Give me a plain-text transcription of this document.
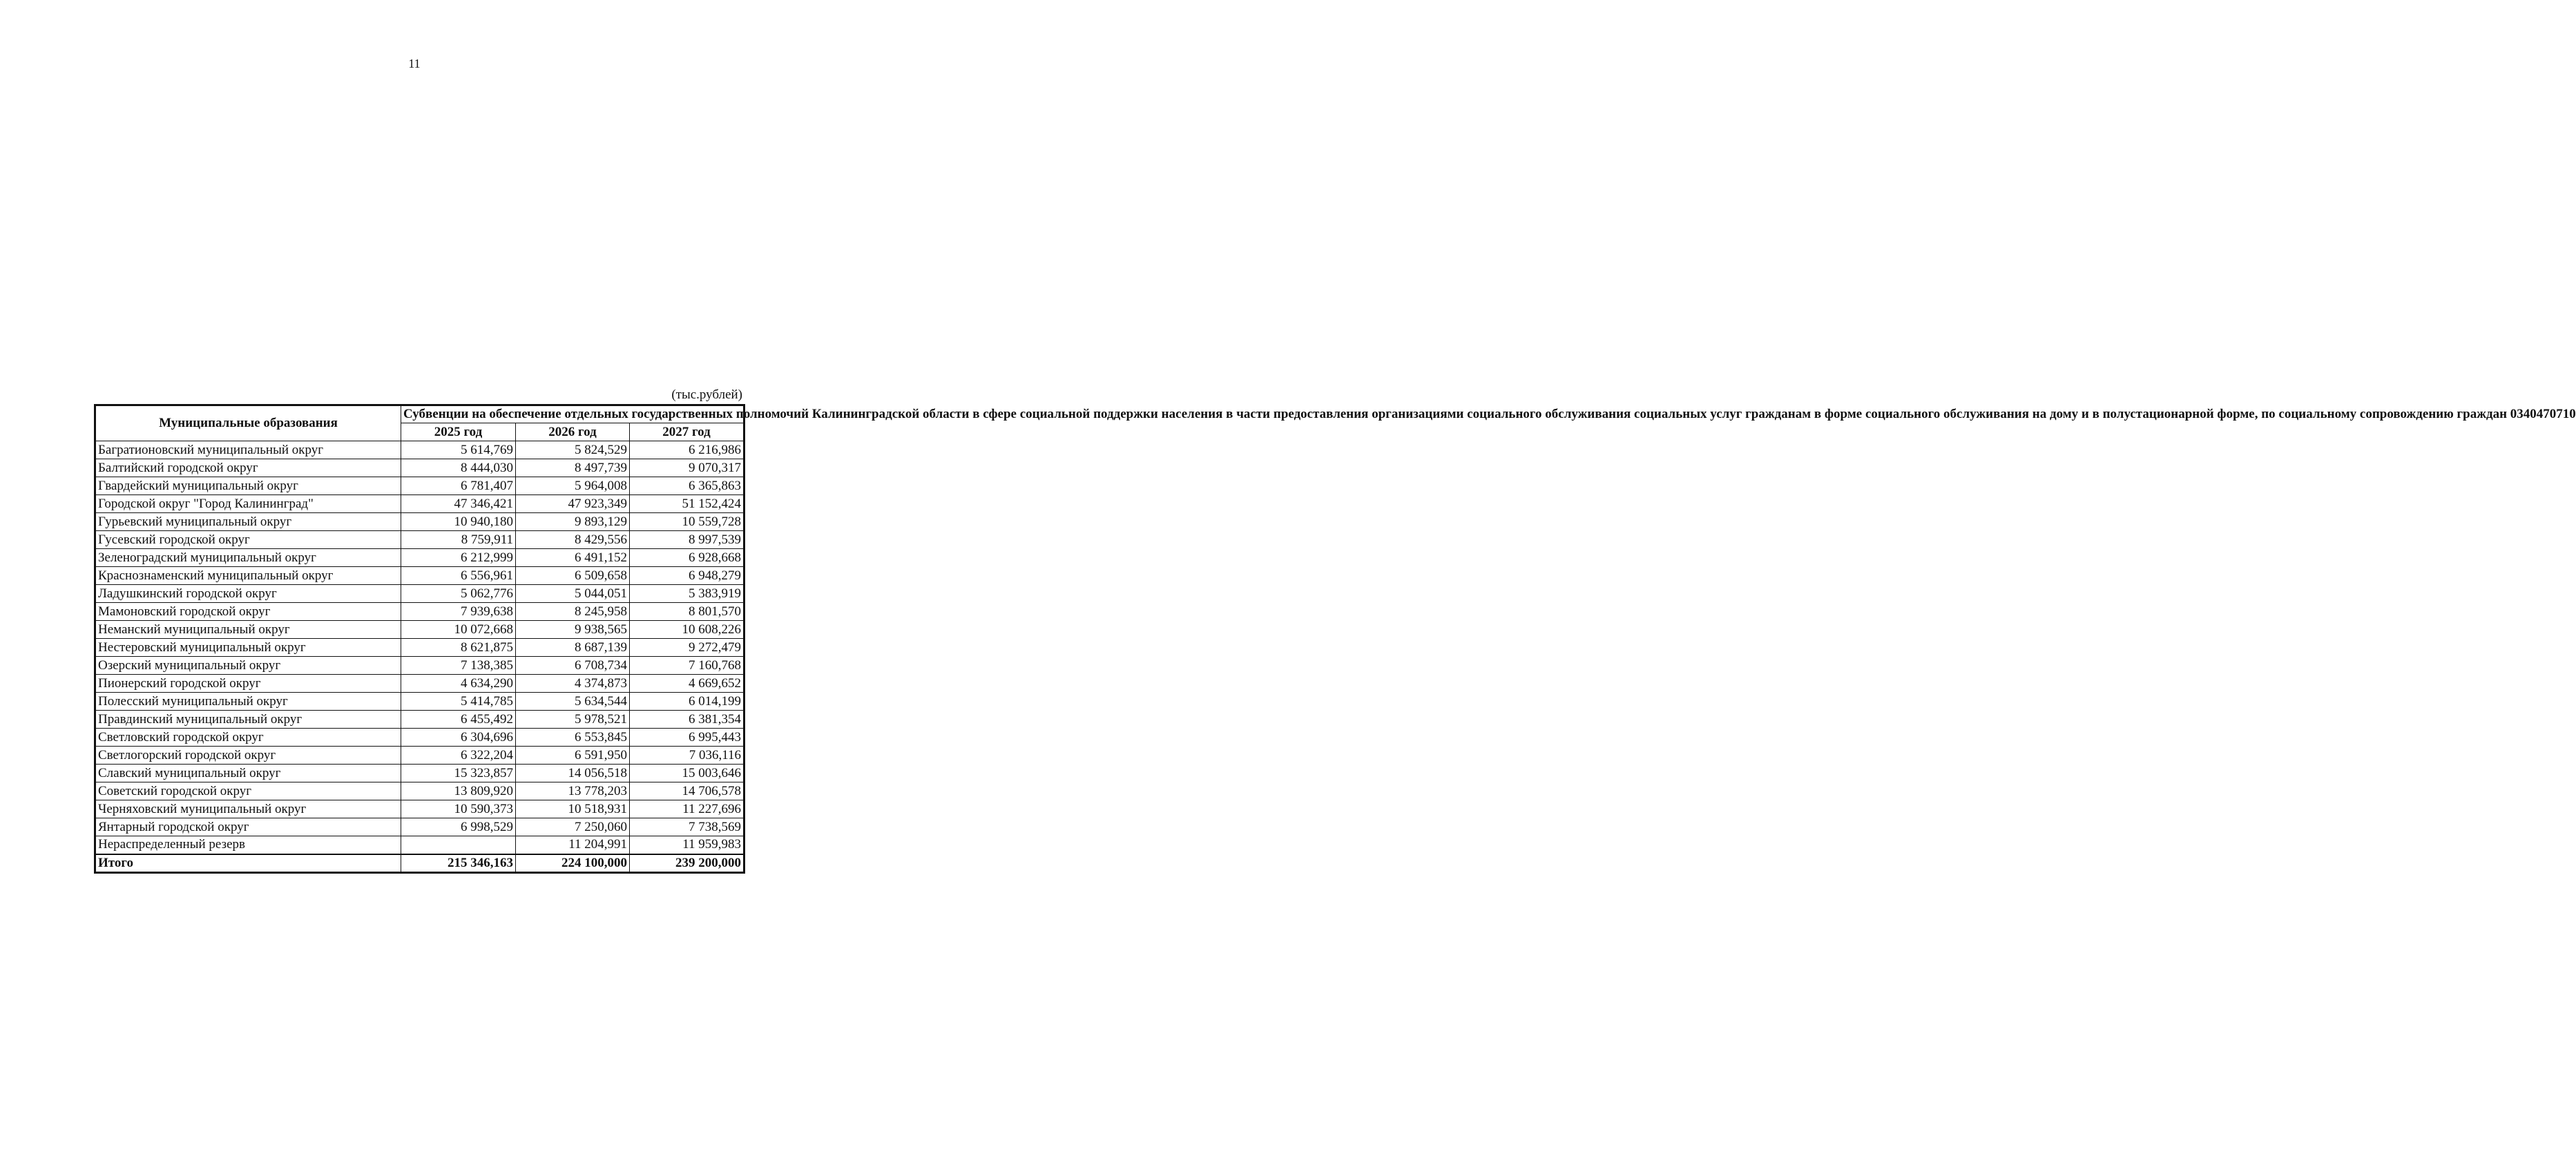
11
(тыс.рублей)
Муниципальные образования	Субвенции на обеспечение отдельных государственных полномочий Калининградской области в сфере социальной поддержки населения в части предоставления организациями социального обслуживания социальных услуг гражданам в форме социального обслуживания на дому и в полустационарной форме, по социальному сопровождению граждан 0340470710		
	2025 год	2026 год	2027 год
Багратионовский муниципальный округ	5 614,769	5 824,529	6 216,986
Балтийский городской округ	8 444,030	8 497,739	9 070,317
Гвардейский муниципальный округ	6 781,407	5 964,008	6 365,863
Городской округ "Город Калининград"	47 346,421	47 923,349	51 152,424
Гурьевский муниципальный округ	10 940,180	9 893,129	10 559,728
Гусевский городской округ	8 759,911	8 429,556	8 997,539
Зеленоградский муниципальный округ	6 212,999	6 491,152	6 928,668
Краснознаменский муниципальный округ	6 556,961	6 509,658	6 948,279
Ладушкинский городской округ	5 062,776	5 044,051	5 383,919
Мамоновский городской округ	7 939,638	8 245,958	8 801,570
Неманский муниципальный округ	10 072,668	9 938,565	10 608,226
Нестеровский муниципальный округ	8 621,875	8 687,139	9 272,479
Озерский муниципальный округ	7 138,385	6 708,734	7 160,768
Пионерский городской округ	4 634,290	4 374,873	4 669,652
Полесский муниципальный округ	5 414,785	5 634,544	6 014,199
Правдинский муниципальный округ	6 455,492	5 978,521	6 381,354
Светловский городской округ	6 304,696	6 553,845	6 995,443
Светлогорский городской округ	6 322,204	6 591,950	7 036,116
Славский муниципальный округ	15 323,857	14 056,518	15 003,646
Советский городской округ	13 809,920	13 778,203	14 706,578
Черняховский муниципальный округ	10 590,373	10 518,931	11 227,696
Янтарный городской округ	6 998,529	7 250,060	7 738,569
Нераспределенный резерв		11 204,991	11 959,983
Итого	215 346,163	224 100,000	239 200,000
